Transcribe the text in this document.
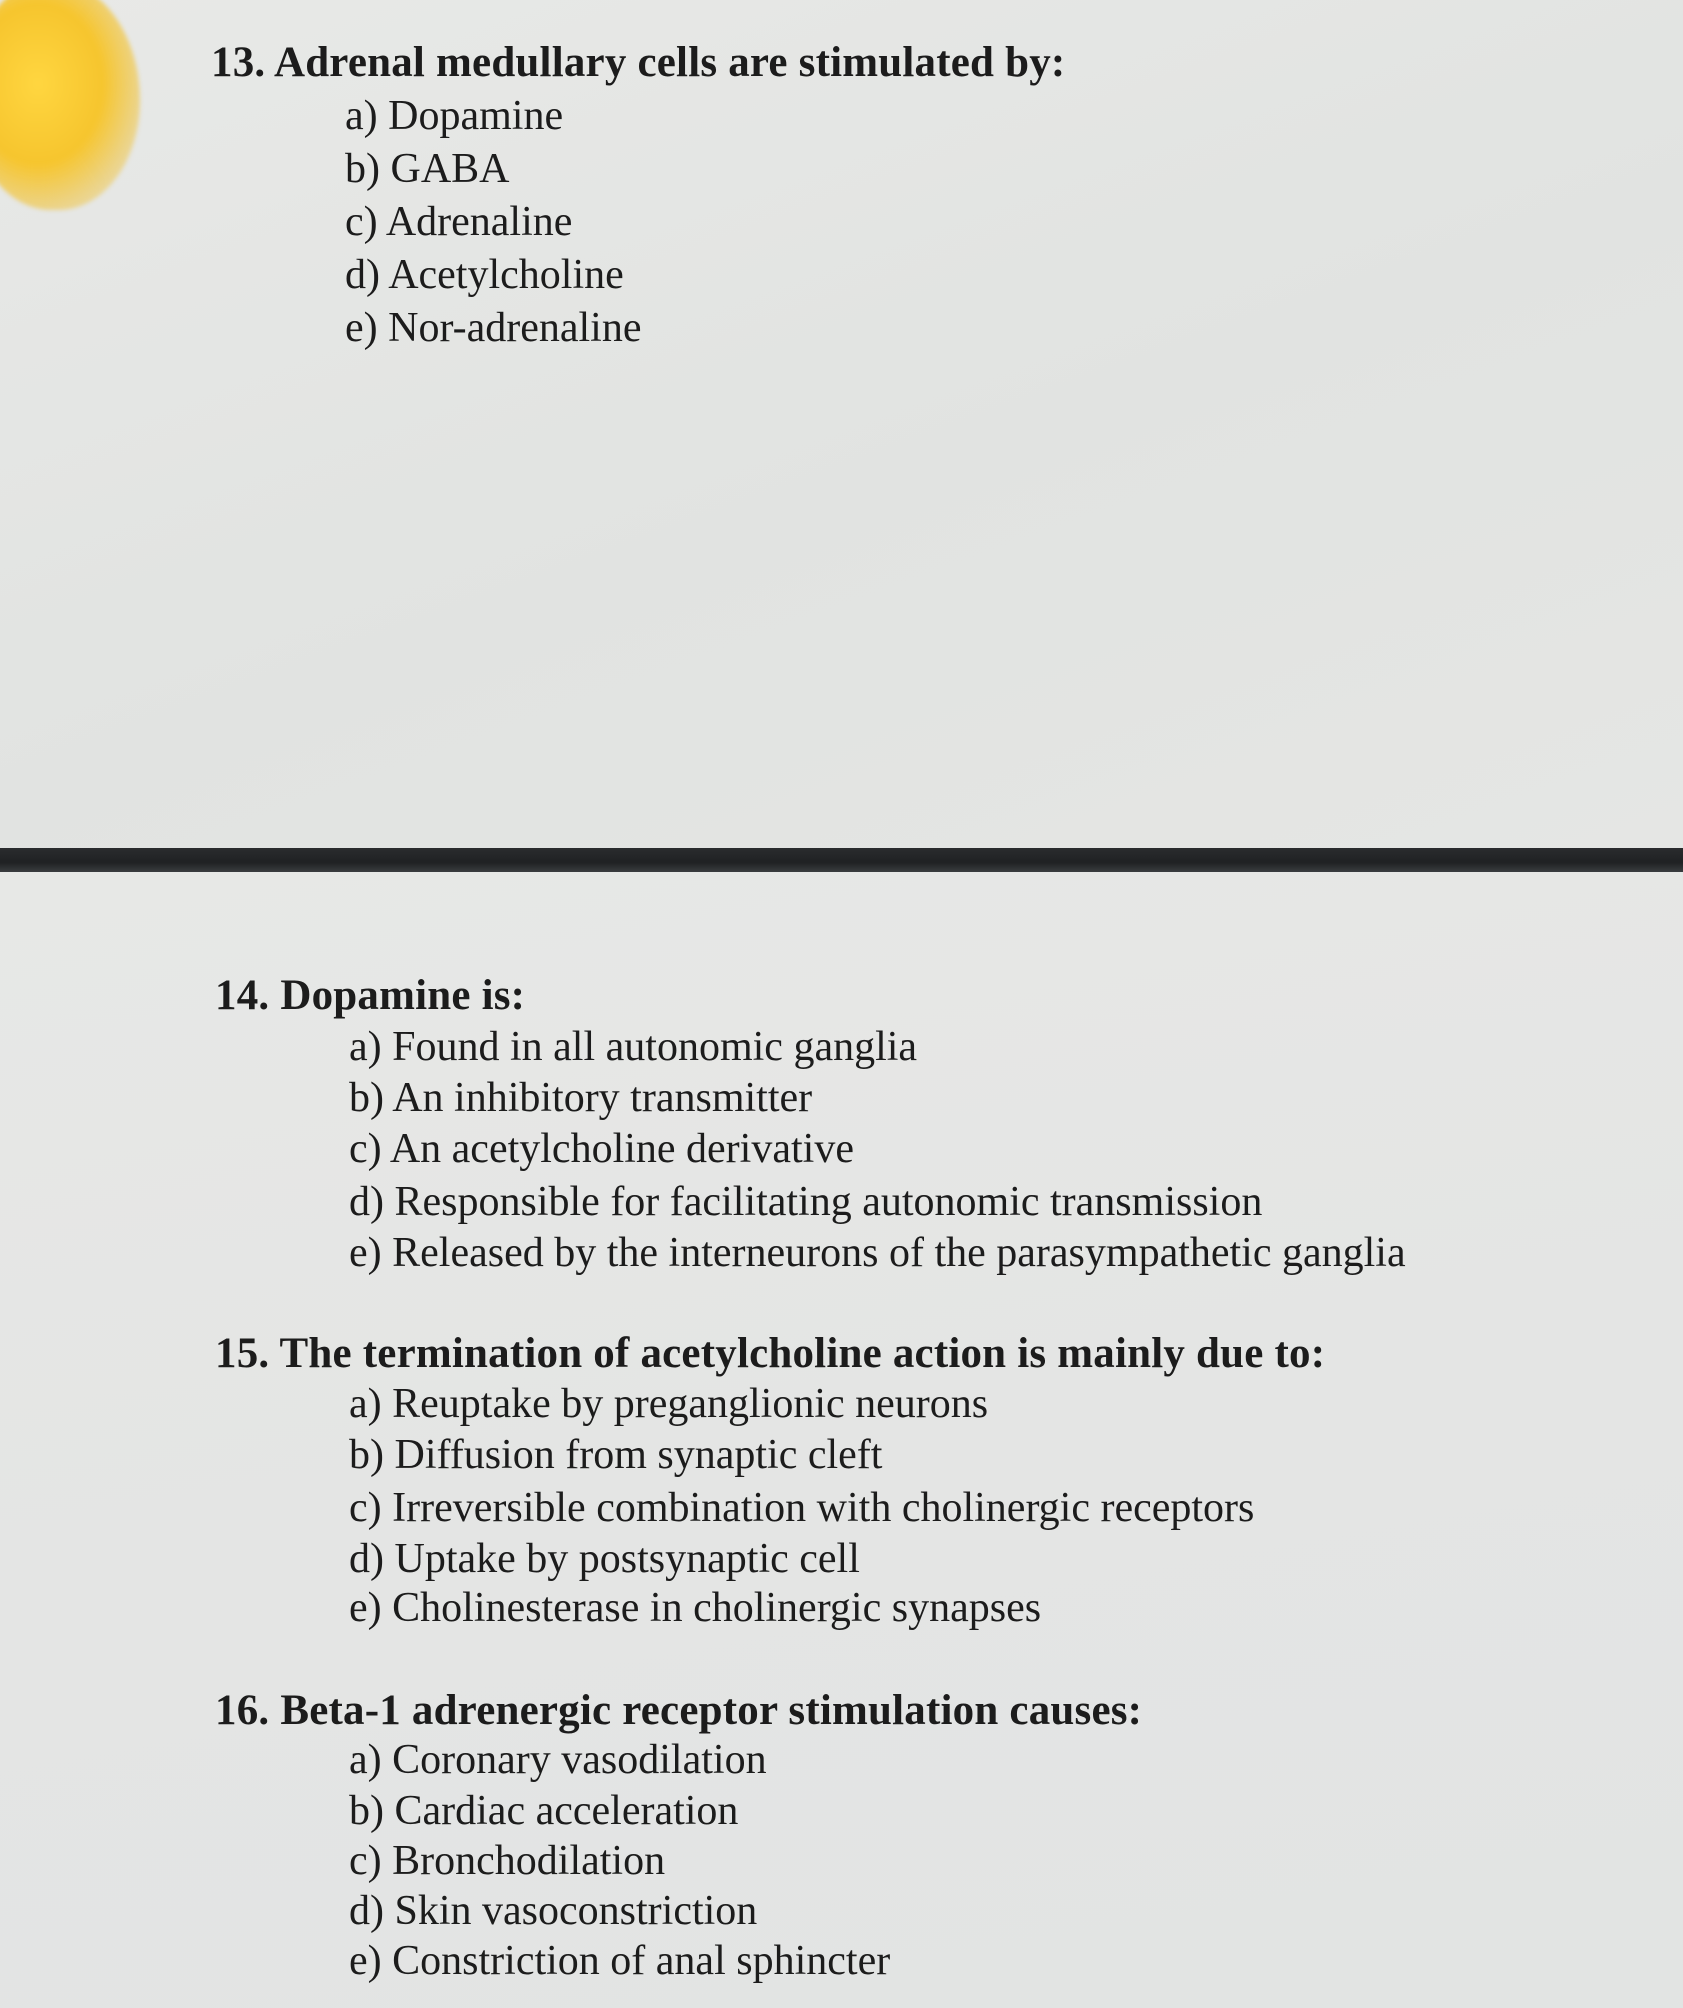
13. Adrenal medullary cells are stimulated by:
a) Dopamine
b) GABA
c) Adrenaline
d) Acetylcholine
e) Nor-adrenaline
14. Dopamine is:
a) Found in all autonomic ganglia
b) An inhibitory transmitter
c) An acetylcholine derivative
d) Responsible for facilitating autonomic transmission
e) Released by the interneurons of the parasympathetic ganglia
15. The termination of acetylcholine action is mainly due to:
a) Reuptake by preganglionic neurons
b) Diffusion from synaptic cleft
c) Irreversible combination with cholinergic receptors
d) Uptake by postsynaptic cell
e) Cholinesterase in cholinergic synapses
16. Beta-1 adrenergic receptor stimulation causes:
a) Coronary vasodilation
b) Cardiac acceleration
c) Bronchodilation
d) Skin vasoconstriction
e) Constriction of anal sphincter
